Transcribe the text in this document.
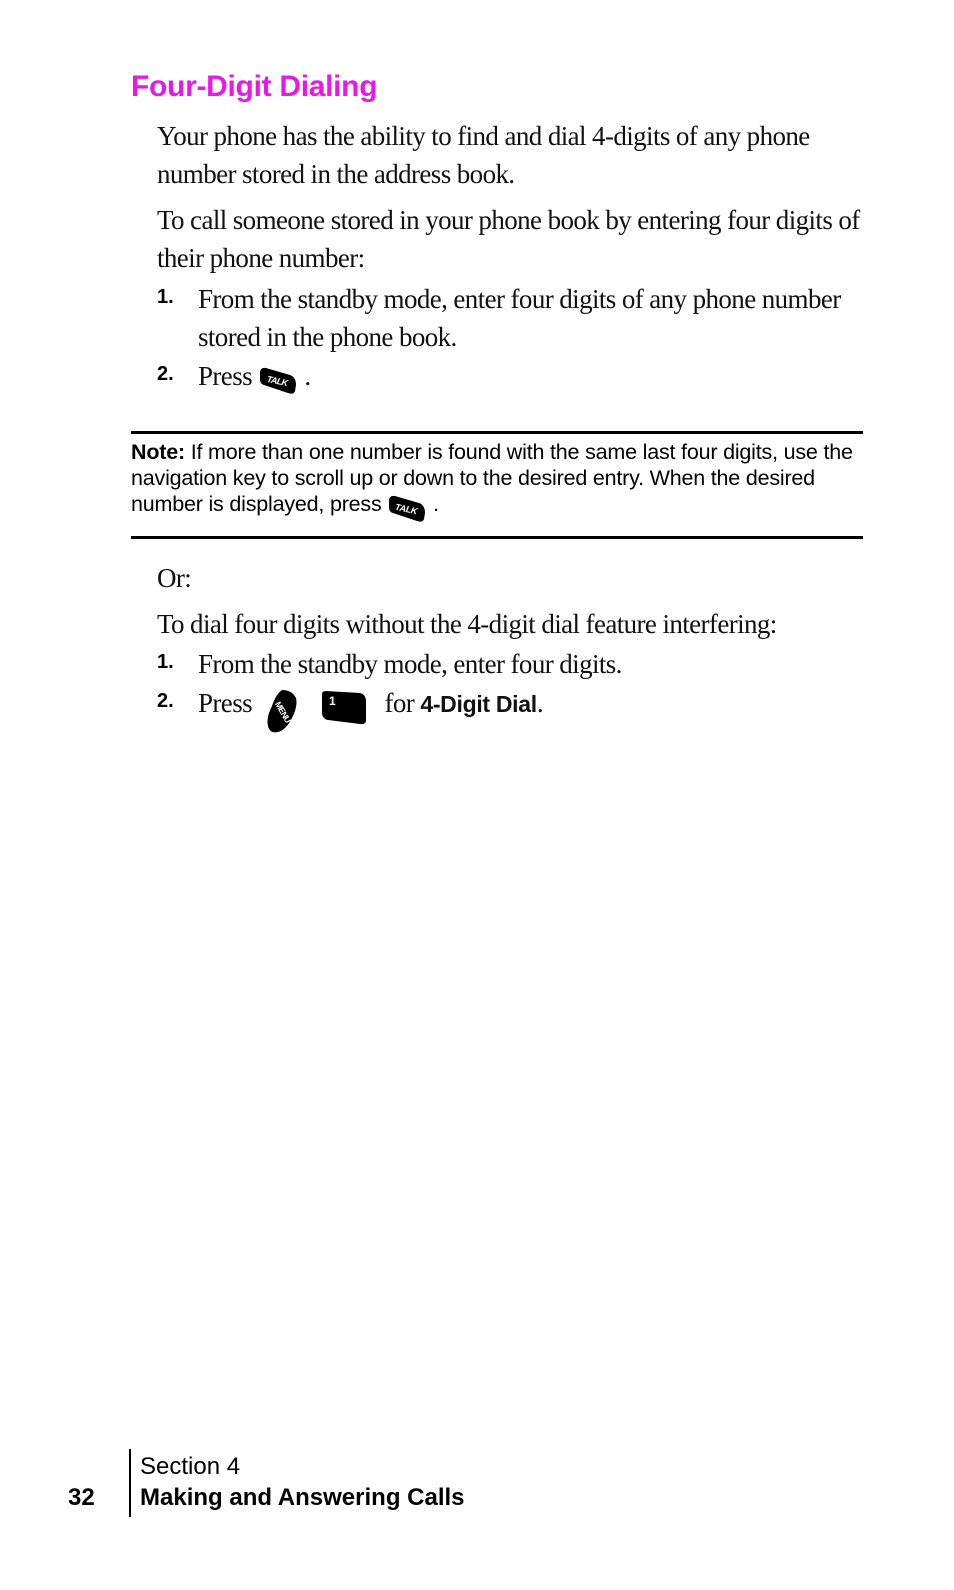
Four-Digit Dialing
Your phone has the ability to find and dial 4-digits of any phone number stored in the address book.
To call someone stored in your phone book by entering four digits of their phone number:
1. From the standby mode, enter four digits of any phone number stored in the phone book.
2. Press TALK .
Note: If more than one number is found with the same last four digits, use the navigation key to scroll up or down to the desired entry. When the desired number is displayed, press TALK .
Or:
To dial four digits without the 4-digit dial feature interfering:
1. From the standby mode, enter four digits.
2. Press MENU
	1 for 4-Digit Dial.
32
Section 4
Making and Answering Calls
